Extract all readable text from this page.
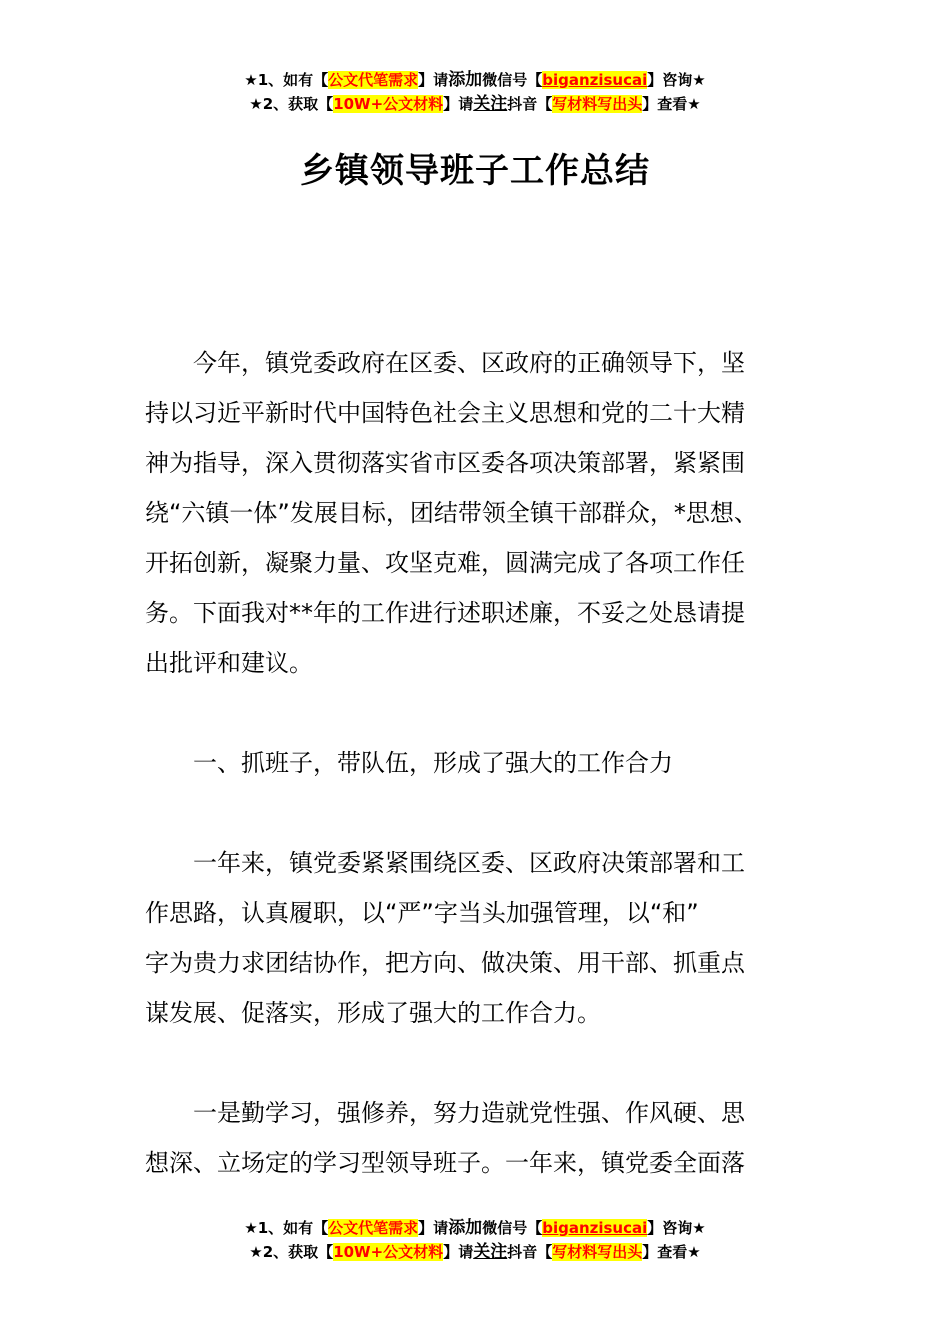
★1、如有【公文代笔需求】请添加微信号【biganzisucai】咨询★
★2、获取【10W+公文材料】请关注抖音【写材料写出头】查看★
乡镇领导班子工作总结
　　今年，镇党委政府在区委、区政府的正确领导下，坚
持以习近平新时代中国特色社会主义思想和党的二十大精
神为指导，深入贯彻落实省市区委各项决策部署，紧紧围
绕“六镇一体”发展目标，团结带领全镇干部群众，*思想、
开拓创新，凝聚力量、攻坚克难，圆满完成了各项工作任
务。下面我对**年的工作进行述职述廉，不妥之处恳请提
出批评和建议。
　　一、抓班子，带队伍，形成了强大的工作合力
　　一年来，镇党委紧紧围绕区委、区政府决策部署和工
作思路，认真履职，以“严”字当头加强管理，以“和”
字为贵力求团结协作，把方向、做决策、用干部、抓重点
谋发展、促落实，形成了强大的工作合力。
　　一是勤学习，强修养，努力造就党性强、作风硬、思
想深、立场定的学习型领导班子。一年来，镇党委全面落
★1、如有【公文代笔需求】请添加微信号【biganzisucai】咨询★
★2、获取【10W+公文材料】请关注抖音【写材料写出头】查看★
